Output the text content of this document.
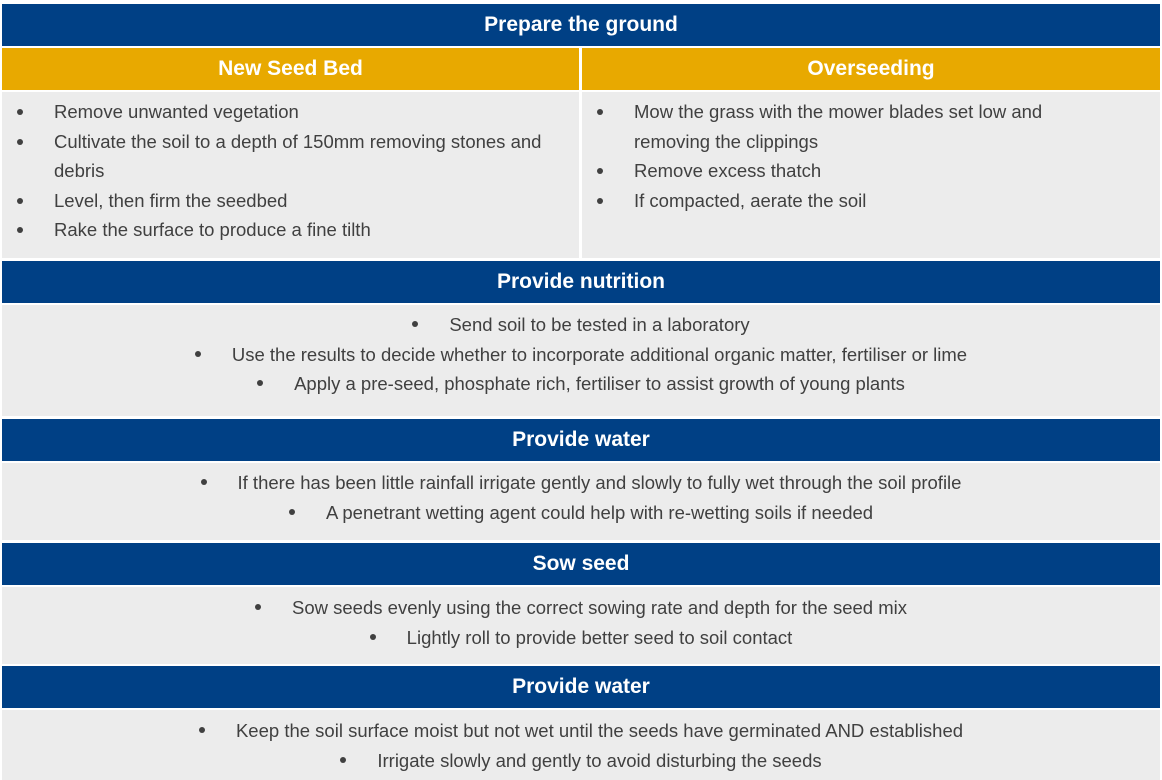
Prepare the ground
New Seed Bed	Overseeding
Remove unwanted vegetation
Cultivate the soil to a depth of 150mm removing stones and debris
Level, then firm the seedbed
Rake the surface to produce a fine tilth
Mow the grass with the mower blades set low and removing the clippings
Remove excess thatch
If compacted, aerate the soil
Provide nutrition
Send soil to be tested in a laboratory
Use the results to decide whether to incorporate additional organic matter, fertiliser or lime
Apply a pre-seed, phosphate rich, fertiliser to assist growth of young plants
Provide water
If there has been little rainfall irrigate gently and slowly to fully wet through the soil profile
A penetrant wetting agent could help with re-wetting soils if needed
Sow seed
Sow seeds evenly using the correct sowing rate and depth for the seed mix
Lightly roll to provide better seed to soil contact
Provide water
Keep the soil surface moist but not wet until the seeds have germinated AND established
Irrigate slowly and gently to avoid disturbing the seeds
